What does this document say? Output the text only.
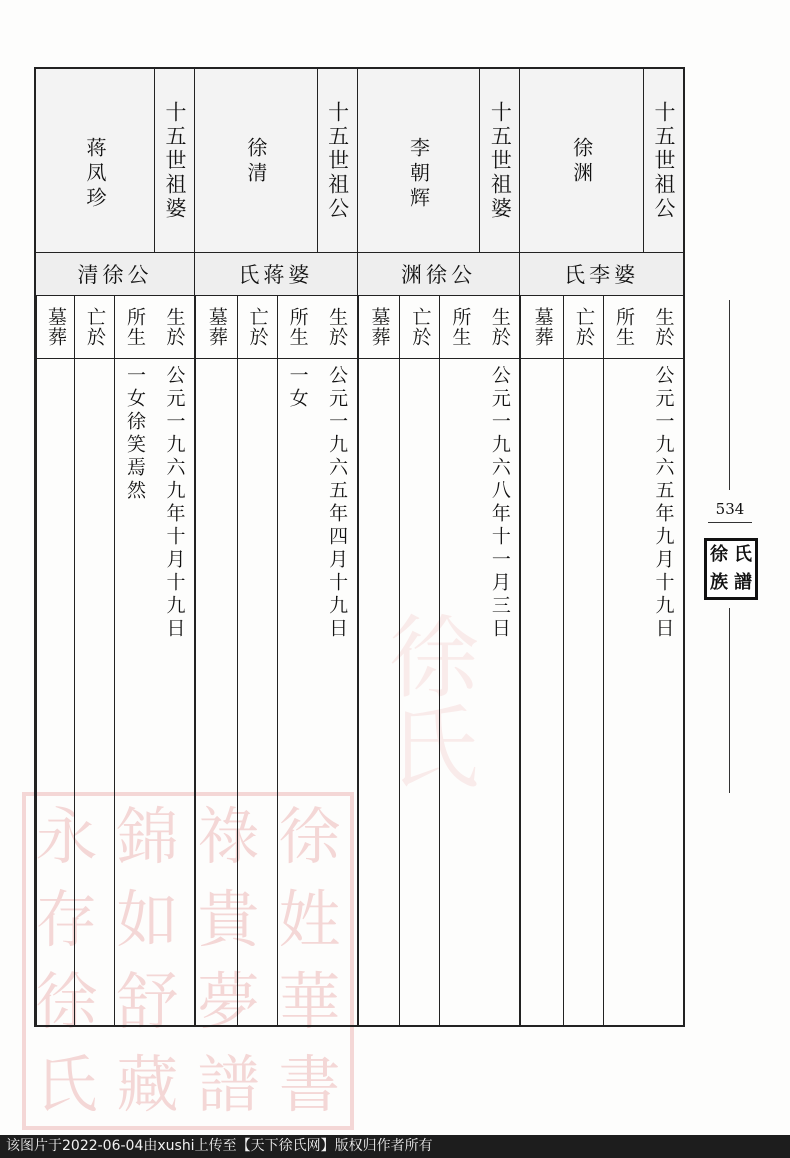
永 錦 祿 徐
存 如 貴 姓
徐 舒 夢 華
氏 藏 譜 書
徐氏
十五世祖公
徐渊
氏李婆
生於
公元一九六五年九月十九日
所生
亡於
墓葬
十五世祖婆
李朝辉
渊徐公
生於
公元一九六八年十一月三日
所生
亡於
墓葬
十五世祖公
徐清
氏蒋婆
生於
公元一九六五年四月十九日
所生
一女
亡於
墓葬
十五世祖婆
蒋凤珍
清徐公
生於
公元一九六九年十月十九日
所生
一女徐笑焉然
亡於
墓葬
534
徐 氏
族 譜
该图片于2022-06-04由xushi上传至【天下徐氏网】版权归作者所有
